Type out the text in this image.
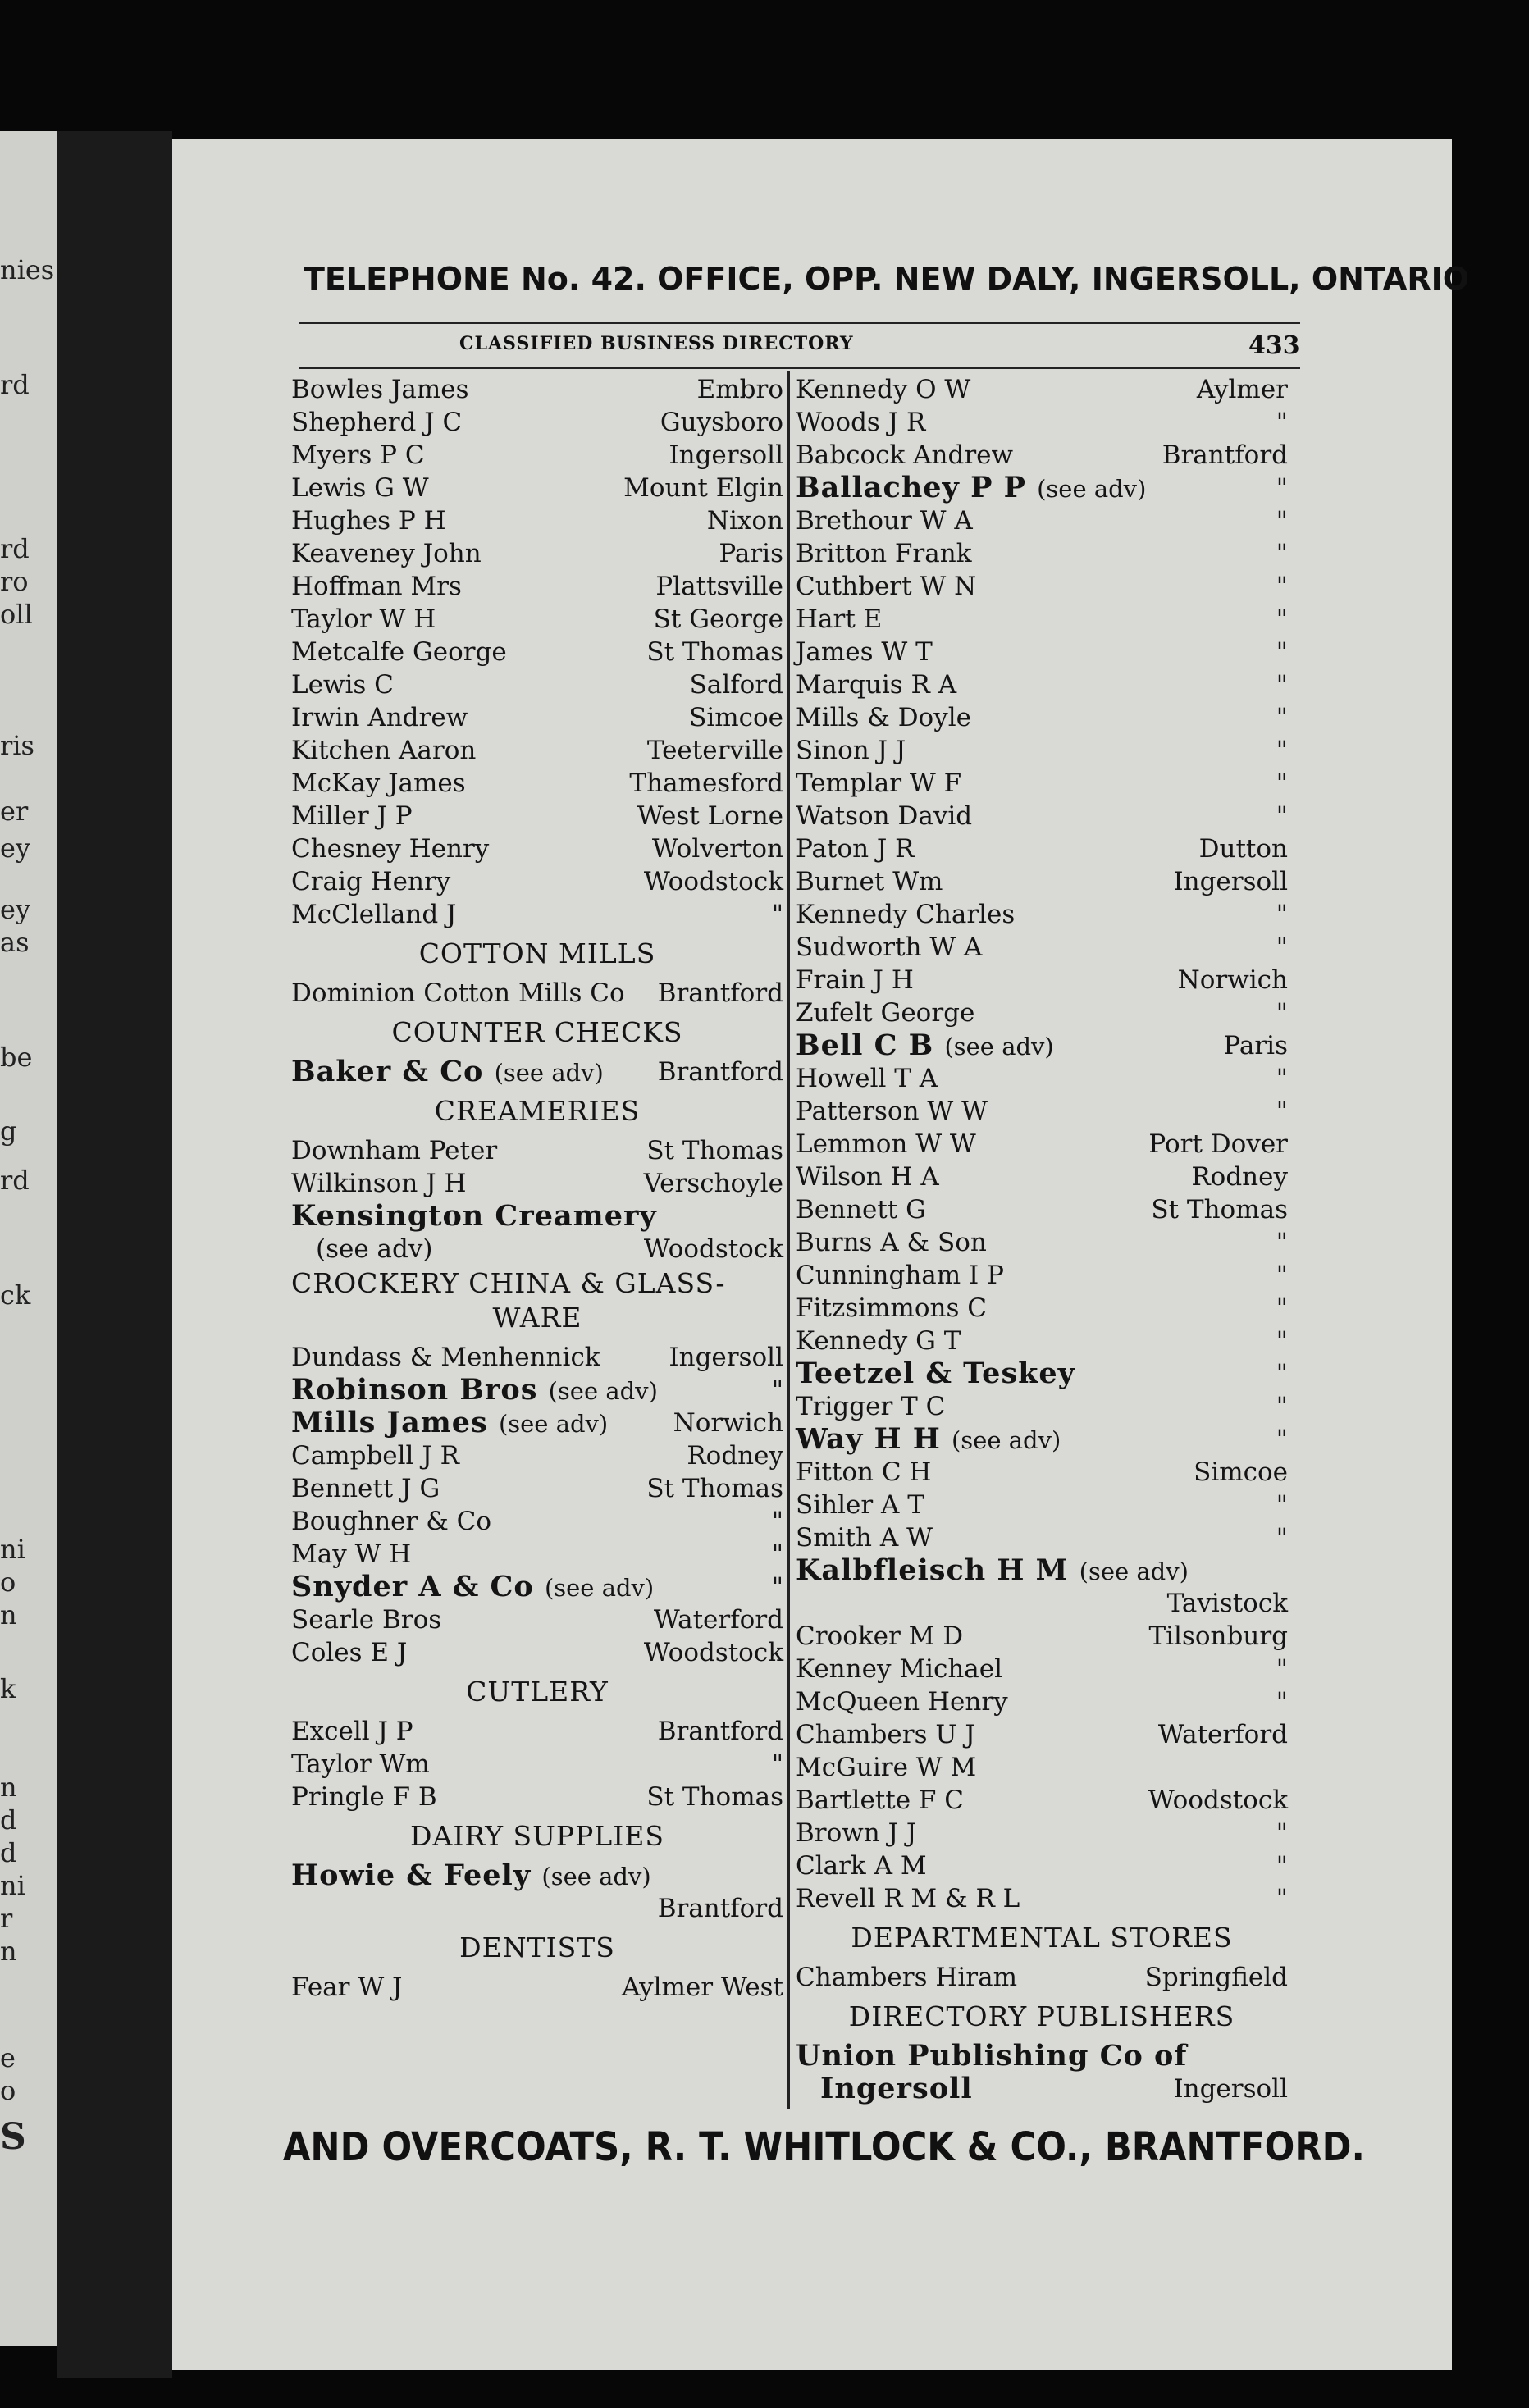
nies
rd
rd
ro
oll
ris
er
ey
ey
as
be
g
rd
ck
ni
o
n
k
n
d
d
ni
r
n
e
o
S
TELEPHONE No. 42. OFFICE, OPP. NEW DALY, INGERSOLL, ONTARIO
CLASSIFIED BUSINESS DIRECTORY	433
Bowles James	Embro
Shepherd J C	Guysboro
Myers P C	Ingersoll
Lewis G W	Mount Elgin
Hughes P H	Nixon
Keaveney John	Paris
Hoffman Mrs	Plattsville
Taylor W H	St George
Metcalfe George	St Thomas
Lewis C	Salford
Irwin Andrew	Simcoe
Kitchen Aaron	Teeterville
McKay James	Thamesford
Miller J P	West Lorne
Chesney Henry	Wolverton
Craig Henry	Woodstock
McClelland J	"
COTTON MILLS
Dominion Cotton Mills Co Brantford
COUNTER CHECKS
Baker & Co (see adv) Brantford
CREAMERIES
Downham Peter	St Thomas
Wilkinson J H	Verschoyle
Kensington Creamery
(see adv)	Woodstock
CROCKERY CHINA & GLASS-
WARE
Dundass & Menhennick	Ingersoll
Robinson Bros (see adv)	"
Mills James (see adv)	Norwich
Campbell J R	Rodney
Bennett J G	St Thomas
Boughner & Co	"
May W H	"
Snyder A & Co (see adv)	"
Searle Bros	Waterford
Coles E J	Woodstock
CUTLERY
Excell J P	Brantford
Taylor Wm	"
Pringle F B	St Thomas
DAIRY SUPPLIES
Howie & Feely (see adv)
Brantford
DENTISTS
Fear W J	Aylmer West
Kennedy O W	Aylmer
Woods J R	"
Babcock Andrew	Brantford
Ballachey P P (see adv)	"
Brethour W A	"
Britton Frank	"
Cuthbert W N	"
Hart E	"
James W T	"
Marquis R A	"
Mills & Doyle	"
Sinon J J	"
Templar W F	"
Watson David	"
Paton J R	Dutton
Burnet Wm	Ingersoll
Kennedy Charles	"
Sudworth W A	"
Frain J H	Norwich
Zufelt George	"
Bell C B (see adv)	Paris
Howell T A	"
Patterson W W	"
Lemmon W W	Port Dover
Wilson H A	Rodney
Bennett G	St Thomas
Burns A & Son	"
Cunningham I P	"
Fitzsimmons C	"
Kennedy G T	"
Teetzel & Teskey	"
Trigger T C	"
Way H H (see adv)	"
Fitton C H	Simcoe
Sihler A T	"
Smith A W	"
Kalbfleisch H M (see adv)
Tavistock
Crooker M D	Tilsonburg
Kenney Michael	"
McQueen Henry	"
Chambers U J	Waterford
McGuire W M
Bartlette F C	Woodstock
Brown J J	"
Clark A M	"
Revell R M & R L	"
DEPARTMENTAL STORES
Chambers Hiram	Springfield
DIRECTORY PUBLISHERS
Union Publishing Co of
Ingersoll	Ingersoll
AND OVERCOATS, R. T. WHITLOCK & CO., BRANTFORD.
